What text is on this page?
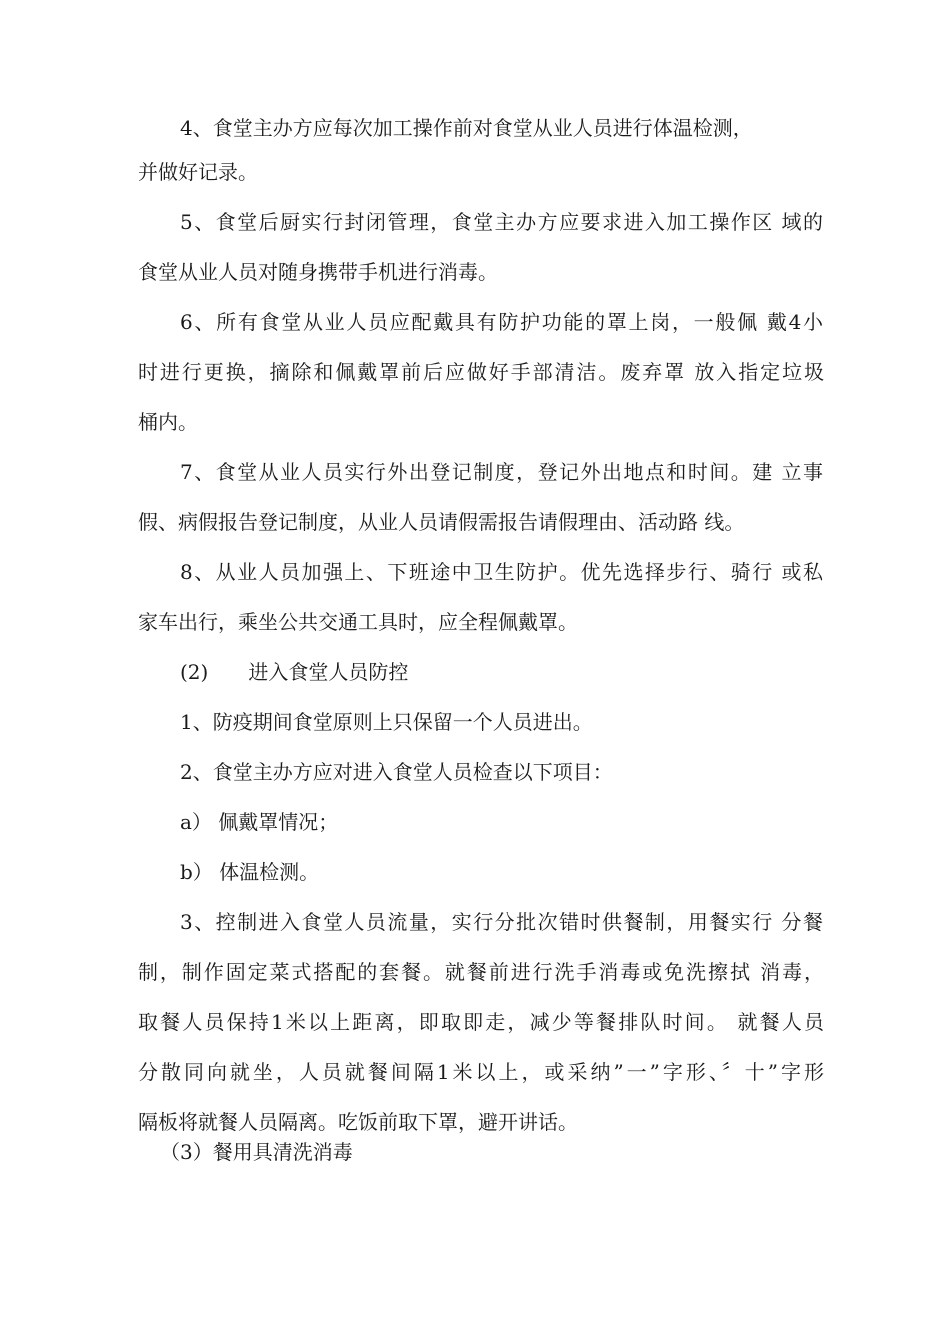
4、食堂主办方应每次加工操作前对食堂从业人员进行体温检测，

并做好记录。

5、食堂后厨实行封闭管理，食堂主办方应要求进入加工操作区 域的

食堂从业人员对随身携带手机进行消毒。

6、所有食堂从业人员应配戴具有防护功能的罩上岗，一般佩 戴4小

时进行更换，摘除和佩戴罩前后应做好手部清洁。废弃罩 放入指定垃圾

桶内。

7、食堂从业人员实行外出登记制度，登记外出地点和时间。建 立事

假、病假报告登记制度，从业人员请假需报告请假理由、活动路 线。

8、从业人员加强上、下班途中卫生防护。优先选择步行、骑行 或私

家车出行，乘坐公共交通工具时，应全程佩戴罩。

(2)　　进入食堂人员防控

1、防疫期间食堂原则上只保留一个人员进出。

2、食堂主办方应对进入食堂人员检查以下项目：

a） 佩戴罩情况；

b） 体温检测。

3、控制进入食堂人员流量，实行分批次错时供餐制，用餐实行 分餐

制，制作固定菜式搭配的套餐。就餐前进行洗手消毒或免洗擦拭 消毒，

取餐人员保持1米以上距离，即取即走，减少等餐排队时间。 就餐人员

分散同向就坐，人员就餐间隔1米以上，或采纳”一”字形、〞十”字形

隔板将就餐人员隔离。吃饭前取下罩，避开讲话。

（3）餐用具清洗消毒
